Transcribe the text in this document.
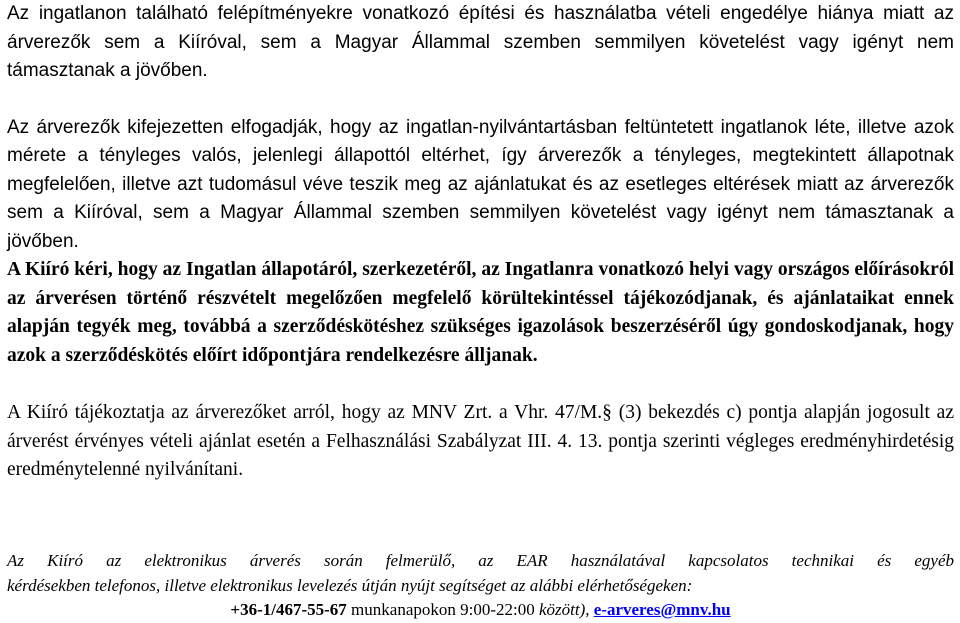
Az ingatlanon található felépítményekre vonatkozó építési és használatba vételi engedélye hiánya miatt az árverezők sem a Kiíróval, sem a Magyar Állammal szemben semmilyen követelést vagy igényt nem támasztanak a jövőben.

Az árverezők kifejezetten elfogadják, hogy az ingatlan-nyilvántartásban feltüntetett ingatlanok léte, illetve azok mérete a tényleges valós, jelenlegi állapottól eltérhet, így árverezők a tényleges, megtekintett állapotnak megfelelően, illetve azt tudomásul véve teszik meg az ajánlatukat és az esetleges eltérések miatt az árverezők sem a Kiíróval, sem a Magyar Állammal szemben semmilyen követelést vagy igényt nem támasztanak a jövőben.

A Kiíró kéri, hogy az Ingatlan állapotáról, szerkezetéről, az Ingatlanra vonatkozó helyi vagy országos előírásokról az árverésen történő részvételt megelőzően megfelelő körültekintéssel tájékozódjanak, és ajánlataikat ennek alapján tegyék meg, továbbá a szerződéskötéshez szükséges igazolások beszerzéséről úgy gondoskodjanak, hogy azok a szerződéskötés előírt időpontjára rendelkezésre álljanak.

A Kiíró tájékoztatja az árverezőket arról, hogy az MNV Zrt. a Vhr. 47/M.§ (3) bekezdés c) pontja alapján jogosult az árverést érvényes vételi ajánlat esetén a Felhasználási Szabályzat III. 4. 13. pontja szerinti végleges eredményhirdetésig eredménytelenné nyilvánítani.

Az Kiíró az elektronikus árverés során felmerülő, az EAR használatával kapcsolatos technikai és egyéb

kérdésekben telefonos, illetve elektronikus levelezés útján nyújt segítséget az alábbi elérhetőségeken:

+36-1/467-55-67 munkanapokon 9:00-22:00 között), e-arveres@mnv.hu
